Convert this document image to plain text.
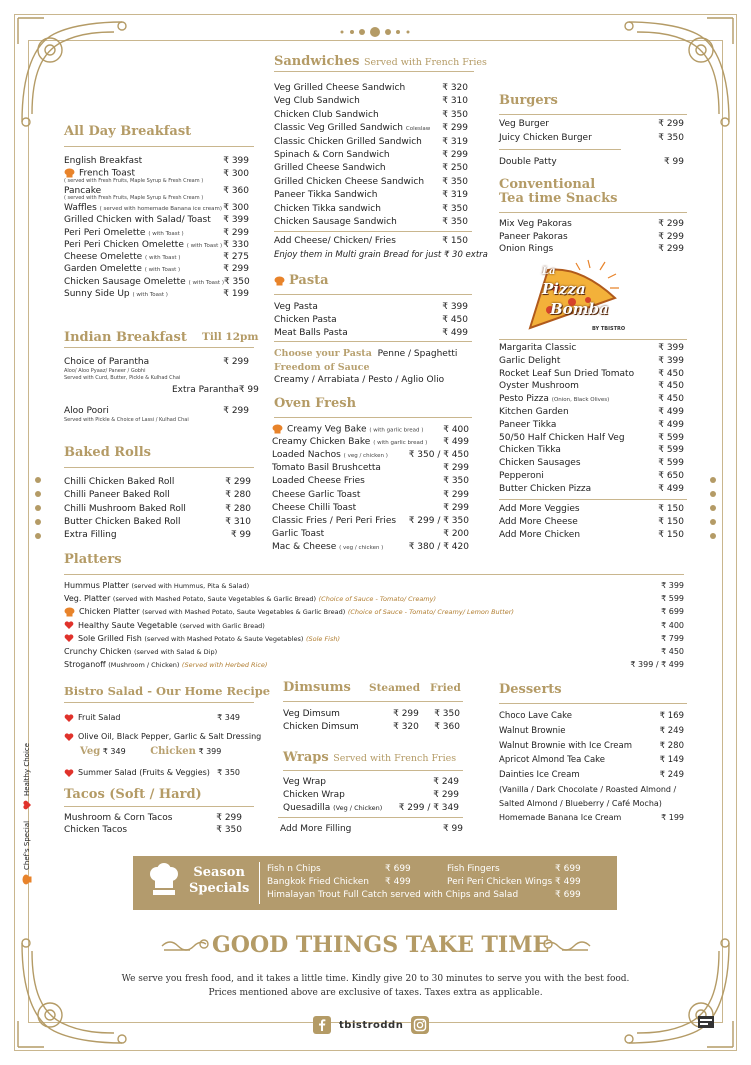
Healthy Choice
Chef's Special
All Day Breakfast
English Breakfast	₹ 399
French Toast	₹ 300
( served with Fresh Fruits, Maple Syrup & Fresh Cream )
Pancake	₹ 360
( served with Fresh Fruits, Maple Syrup & Fresh Cream )
Waffles ( served with homemade Banana ice cream) ₹ 300
Grilled Chicken with Salad/ Toast ₹ 399
Peri Peri Omelette ( with Toast )	₹ 299
Peri Peri Chicken Omelette ( with Toast ) ₹ 330
Cheese Omelette ( with Toast )	₹ 275
Garden Omelette ( with Toast )	₹ 299
Chicken Sausage Omelette ( with Toast ) ₹ 350
Sunny Side Up ( with Toast )	₹ 199
Indian Breakfast Till 12pm
Choice of Parantha	₹ 299
Aloo/ Aloo Pyaaz/ Paneer / Gobhi
Served with Curd, Butter, Pickle & Kulhad Chai
Extra Parantha ₹ 99
Aloo Poori	₹ 299
Served with Pickle & Choice of Lassi / Kulhad Chai
Baked Rolls
Chilli Chicken Baked Roll	₹ 299
Chilli Paneer Baked Roll	₹ 280
Chilli Mushroom Baked Roll	₹ 280
Butter Chicken Baked Roll	₹ 310
Extra Filling	₹ 99
Sandwiches Served with French Fries
Veg Grilled Cheese Sandwich	₹ 320
Veg Club Sandwich	₹ 310
Chicken Club Sandwich	₹ 350
Classic Veg Grilled Sandwich Coleslaw ₹ 299
Classic Chicken Grilled Sandwich ₹ 319
Spinach & Corn Sandwich	₹ 299
Grilled Cheese Sandwich	₹ 250
Grilled Chicken Cheese Sandwich ₹ 350
Paneer Tikka Sandwich	₹ 319
Chicken Tikka sandwich	₹ 350
Chicken Sausage Sandwich	₹ 350
Add Cheese/ Chicken/ Fries	₹ 150
Enjoy them in Multi grain Bread for just ₹ 30 extra
Pasta
Veg Pasta	₹ 399
Chicken Pasta	₹ 450
Meat Balls Pasta	₹ 499
Choose your Pasta Penne / Spaghetti
Freedom of Sauce
Creamy / Arrabiata / Pesto / Aglio Olio
Oven Fresh
Creamy Veg Bake ( with garlic bread ) ₹ 400
Creamy Chicken Bake ( with garlic bread ) ₹ 499
Loaded Nachos ( veg / chicken ) ₹ 350 / ₹ 450
Tomato Basil Brushcetta	₹ 299
Loaded Cheese Fries	₹ 350
Cheese Garlic Toast	₹ 299
Cheese Chilli Toast	₹ 299
Classic Fries / Peri Peri Fries ₹ 299 / ₹ 350
Garlic Toast	₹ 200
Mac & Cheese ( veg / chicken )	₹ 380 / ₹ 420
Burgers
Veg Burger	₹ 299
Juicy Chicken Burger	₹ 350
Double Patty	₹ 99
Conventional
Tea time Snacks
Mix Veg Pakoras	₹ 299
Paneer Pakoras	₹ 299
Onion Rings	₹ 299
La
Pizza
Bomba
BY TBISTRO
Margarita Classic	₹ 399
Garlic Delight	₹ 399
Rocket Leaf Sun Dried Tomato	₹ 450
Oyster Mushroom	₹ 450
Pesto Pizza (Onion, Black Olives)	₹ 450
Kitchen Garden	₹ 499
Paneer Tikka	₹ 499
50/50 Half Chicken Half Veg	₹ 599
Chicken Tikka	₹ 599
Chicken Sausages	₹ 599
Pepperoni	₹ 650
Butter Chicken Pizza	₹ 499
Add More Veggies	₹ 150
Add More Cheese	₹ 150
Add More Chicken	₹ 150
Platters
Hummus Platter (served with Hummus, Pita & Salad)	₹ 399
Veg. Platter (served with Mashed Potato, Saute Vegetables & Garlic Bread) (Choice of Sauce - Tomato/ Creamy)	₹ 599
Chicken Platter (served with Mashed Potato, Saute Vegetables & Garlic Bread) (Choice of Sauce - Tomato/ Creamy/ Lemon Butter)	₹ 699
Healthy Saute Vegetable (served with Garlic Bread)	₹ 400
Sole Grilled Fish (served with Mashed Potato & Saute Vegetables) (Sole Fish)	₹ 799
Crunchy Chicken (served with Salad & Dip)	₹ 450
Stroganoff (Mushroom / Chicken) (Served with Herbed Rice)	₹ 399 / ₹ 499
Bistro Salad - Our Home Recipe
Fruit Salad	₹ 349
Olive Oil, Black Pepper, Garlic & Salt Dressing
Veg ₹ 349 Chicken ₹ 399
Summer Salad (Fruits & Veggies) ₹ 350
Tacos (Soft / Hard)
Mushroom & Corn Tacos	₹ 299
Chicken Tacos	₹ 350
Dimsums Steamed Fried
Veg Dimsum	₹ 299	₹ 350
Chicken Dimsum	₹ 320	₹ 360
Wraps Served with French Fries
Veg Wrap	₹ 249
Chicken Wrap	₹ 299
Quesadilla (Veg / Chicken) ₹ 299 / ₹ 349
Add More Filling	₹ 99
Desserts
Choco Lave Cake	₹ 169
Walnut Brownie	₹ 249
Walnut Brownie with Ice Cream	₹ 280
Apricot Almond Tea Cake	₹ 149
Dainties Ice Cream	₹ 249
(Vanilla / Dark Chocolate / Roasted Almond /
Salted Almond / Blueberry / Café Mocha)
Homemade Banana Ice Cream	₹ 199
Season
Specials
Fish n Chips	₹ 699	Fish Fingers	₹ 699
Bangkok Fried Chicken	₹ 499	Peri Peri Chicken Wings ₹ 499
Himalayan Trout Full Catch served with Chips and Salad	₹ 699
GOOD THINGS TAKE TIME
We serve you fresh food, and it takes a little time. Kindly give 20 to 30 minutes to serve you with the best food.
Prices mentioned above are exclusive of taxes. Taxes extra as applicable.
tbistroddn
